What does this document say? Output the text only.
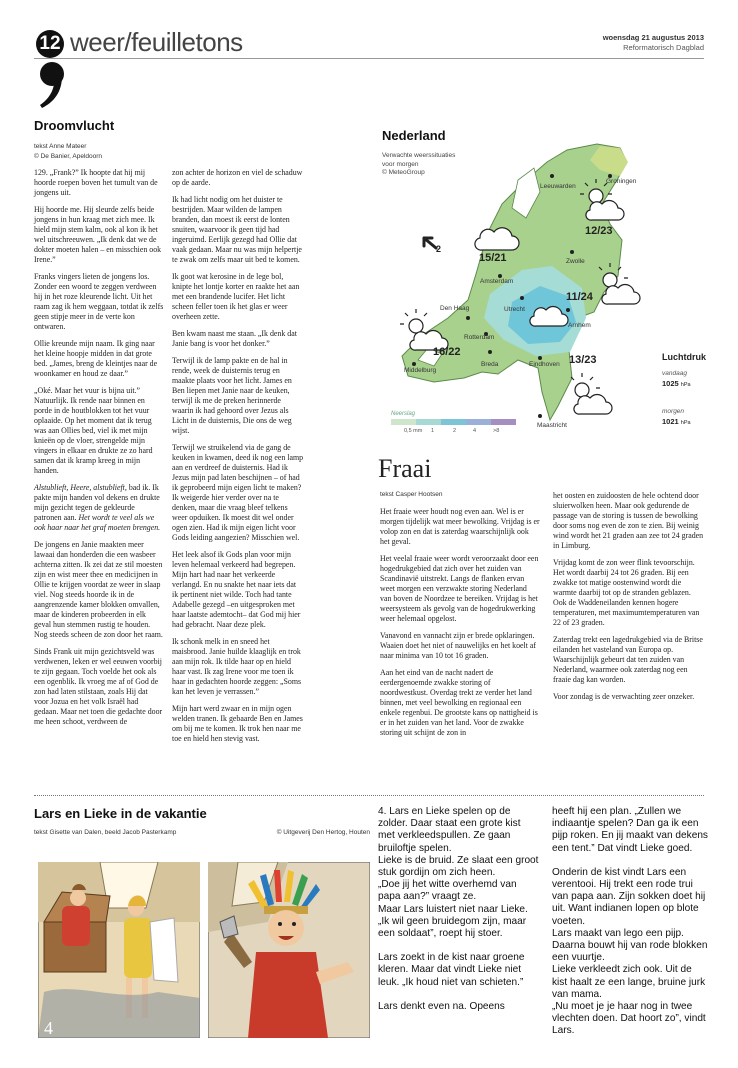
12 weer/feuilletons	woensdag 21 augustus 2013
Reformatorisch Dagblad
Droomvlucht
tekst Anne Mateer
© De Banier, Apeldoorn

129. „Frank?” Ik hoopte dat hij mij hoorde roepen boven het tumult van de jongens uit.

Hij hoorde me. Hij sleurde zelfs beide jongens in hun kraag met zich mee. Ik hield mijn stem kalm, ook al kon ik het wel uitschreeuwen. „Ik denk dat we de dokter moeten halen – en misschien ook Irene.”

Franks vingers lieten de jongens los. Zonder een woord te zeggen verdween hij in het roze kleurende licht. Uit het raam zag ik hem weggaan, totdat ik zelfs geen stipje meer in de verte kon ontwaren.

Ollie kreunde mijn naam. Ik ging naar het kleine hoopje midden in dat grote bed. „James, breng de kleintjes naar de woonkamer en houd ze daar.”

„Oké. Maar het vuur is bijna uit.” Natuurlijk. Ik rende naar binnen en porde in de houtblokken tot het vuur oplaaide. Op het moment dat ik terug was aan Ollies bed, viel ik met mijn knieën op de vloer, strengelde mijn vingers in elkaar en drukte ze zo hard samen dat ik kramp kreeg in mijn handen.

Alstublieft, Heere, alstublieft, bad ik. Ik pakte mijn handen vol dekens en drukte mijn gezicht tegen de gekleurde patronen aan. Het wordt te veel als we ook haar naar het graf moeten brengen.

De jongens en Janie maakten meer lawaai dan honderden die een wasbeer achterna zitten. Ik zei dat ze stil moesten zijn en wist meer thee en medicijnen in Ollie te krijgen voordat ze weer in slaap viel. Nog steeds hoorde ik in de aangrenzende kamer blokken omvallen, maar de kinderen probeerden in elk geval hun stemmen rustig te houden. Nog steeds scheen de zon door het raam.

Sinds Frank uit mijn gezichtsveld was verdwenen, leken er wel eeuwen voorbij te zijn gegaan. Toch voelde het ook als een ogenblik. Ik vroeg me af of God de zon had laten stilstaan, zoals Hij dat voor Jozua en het volk Israël had gedaan. Maar net toen die gedachte door me heen schoot, verdween de

zon achter de horizon en viel de schaduw op de aarde.

Ik had licht nodig om het duister te bestrijden. Maar wilden de lampen branden, dan moest ik eerst de lonten snuiten, waarvoor ik geen tijd had ingeruimd. Eerlijk gezegd had Ollie dat vaak gedaan. Maar nu was mijn helpertje te zwak om zelfs maar uit bed te komen.

Ik goot wat kerosine in de lege bol, knipte het lontje korter en raakte het aan met een brandende lucifer. Het licht scheen feller toen ik het glas er weer overheen zette.

Ben kwam naast me staan. „Ik denk dat Janie bang is voor het donker.”

Terwijl ik de lamp pakte en de hal in rende, week de duisternis terug en maakte plaats voor het licht. James en Ben liepen met Janie naar de keuken, terwijl ik me de preken herinnerde waarin ik had gehoord over Jezus als Licht in de duisternis, Die ons de weg wijst.

Terwijl we struikelend via de gang de keuken in kwamen, deed ik nog een lamp aan en verdreef de duisternis. Had ik Jezus mijn pad laten beschijnen – of had ik geprobeerd mijn eigen licht te maken? Ik weigerde hier verder over na te denken, maar die vraag bleef telkens weer opduiken. Ik moest dit wel onder ogen zien. Had ik mijn eigen licht voor Gods leiding aangezien? Misschien wel.

Het leek alsof ik Gods plan voor mijn leven helemaal verkeerd had begrepen. Mijn hart had naar het verkeerde verlangd. En nu snakte het naar iets dat ik pertinent niet wilde. Toch had tante Adabelle gezegd –en uitgesproken met haar laatste ademtocht– dat God mij hier had gebracht. Naar deze plek.

Ik schonk melk in en sneed het maisbrood. Janie huilde klaaglijk en trok aan mijn rok. Ik tilde haar op en hield haar vast. Ik zag Irene voor me toen ik haar in gedachten hoorde zeggen: „Soms kan het leven je verrassen.”

Mijn hart werd zwaar en in mijn ogen welden tranen. Ik gebaarde Ben en James om bij me te komen. Ik trok hen naar me toe en hield hen stevig vast.

Nederland
Verwachte weerssituaties
voor morgen
© MeteoGroup
2
Groningen
Leeuwarden
Zwolle
Den Haag
Amsterdam
Utrecht
Arnhem
Rotterdam
Breda	Eindhoven
Middelburg
Maastricht
12/23
15/21
11/24
16/22
13/23
Neerslag
0,5 mm 1	2	4	>8
Luchtdruk
vandaag
1025 hPa
morgen
1021 hPa
Fraai
tekst Casper Hootsen

Het fraaie weer houdt nog even aan. Wel is er morgen tijdelijk wat meer bewolking. Vrijdag is er volop zon en dat is zaterdag waarschijnlijk ook het geval.

Het veelal fraaie weer wordt veroorzaakt door een hogedrukgebied dat zich over het zuiden van Scandinavië uitstrekt. Langs de flanken ervan weet morgen een verzwakte storing Nederland van boven de Noordzee te bereiken. Vrijdag is het weersysteem als gevolg van de hogedrukwerking weer helemaal opgelost.

Vanavond en vannacht zijn er brede opklaringen. Waaien doet het niet of nauwelijks en het koelt af naar minima van 10 tot 16 graden.

Aan het eind van de nacht nadert de eerdergenoemde zwakke storing of noordwestkust. Overdag trekt ze verder het land binnen, met veel bewolking en regionaal een enkele regenbui. De grootste kans op nattigheid is er in het zuiden van het land. Voor de zwakke storing uit schijnt de zon in

het oosten en zuidoosten de hele ochtend door sluierwolken heen. Maar ook gedurende de passage van de storing is tussen de bewolking door soms nog even de zon te zien. Bij weinig wind wordt het 21 graden aan zee tot 24 graden in Limburg.

Vrijdag komt de zon weer flink tevoorschijn. Het wordt daarbij 24 tot 26 graden. Bij een zwakke tot matige oostenwind wordt die warmte daarbij tot op de stranden geblazen. Ook de Waddeneilanden kennen hogere temperaturen, met maximumtemperaturen van 22 of 23 graden.

Zaterdag trekt een lagedrukgebied via de Britse eilanden het vasteland van Europa op. Waarschijnlijk gebeurt dat ten zuiden van Nederland, waarmee ook zaterdag nog een fraaie dag kan worden.

Voor zondag is de verwachting zeer onzeker.

Lars en Lieke in de vakantie
tekst Gisette van Dalen, beeld Jacob Pasterkamp	© Uitgeverij Den Hertog, Houten
4

4. Lars en Lieke spelen op de zolder. Daar staat een grote kist met verkleedspullen. Ze gaan bruiloftje spelen.
Lieke is de bruid. Ze slaat een groot stuk gordijn om zich heen.
„Doe jij het witte overhemd van papa aan?” vraagt ze.
Maar Lars luistert niet naar Lieke. „Ik wil geen bruidegom zijn, maar een soldaat”, roept hij stoer.

Lars zoekt in de kist naar groene kleren. Maar dat vindt Lieke niet leuk. „Ik houd niet van schieten.”

Lars denkt even na. Opeens

heeft hij een plan. „Zullen we indiaantje spelen? Dan ga ik een pijp roken. En jij maakt van dekens een tent.” Dat vindt Lieke goed.

Onderin de kist vindt Lars een verentooi. Hij trekt een rode trui van papa aan. Zijn sokken doet hij uit. Want indianen lopen op blote voeten.
Lars maakt van lego een pijp. Daarna bouwt hij van rode blokken een vuurtje.
Lieke verkleedt zich ook. Uit de kist haalt ze een lange, bruine jurk van mama.
„Nu moet je je haar nog in twee vlechten doen. Dat hoort zo”, vindt Lars.
